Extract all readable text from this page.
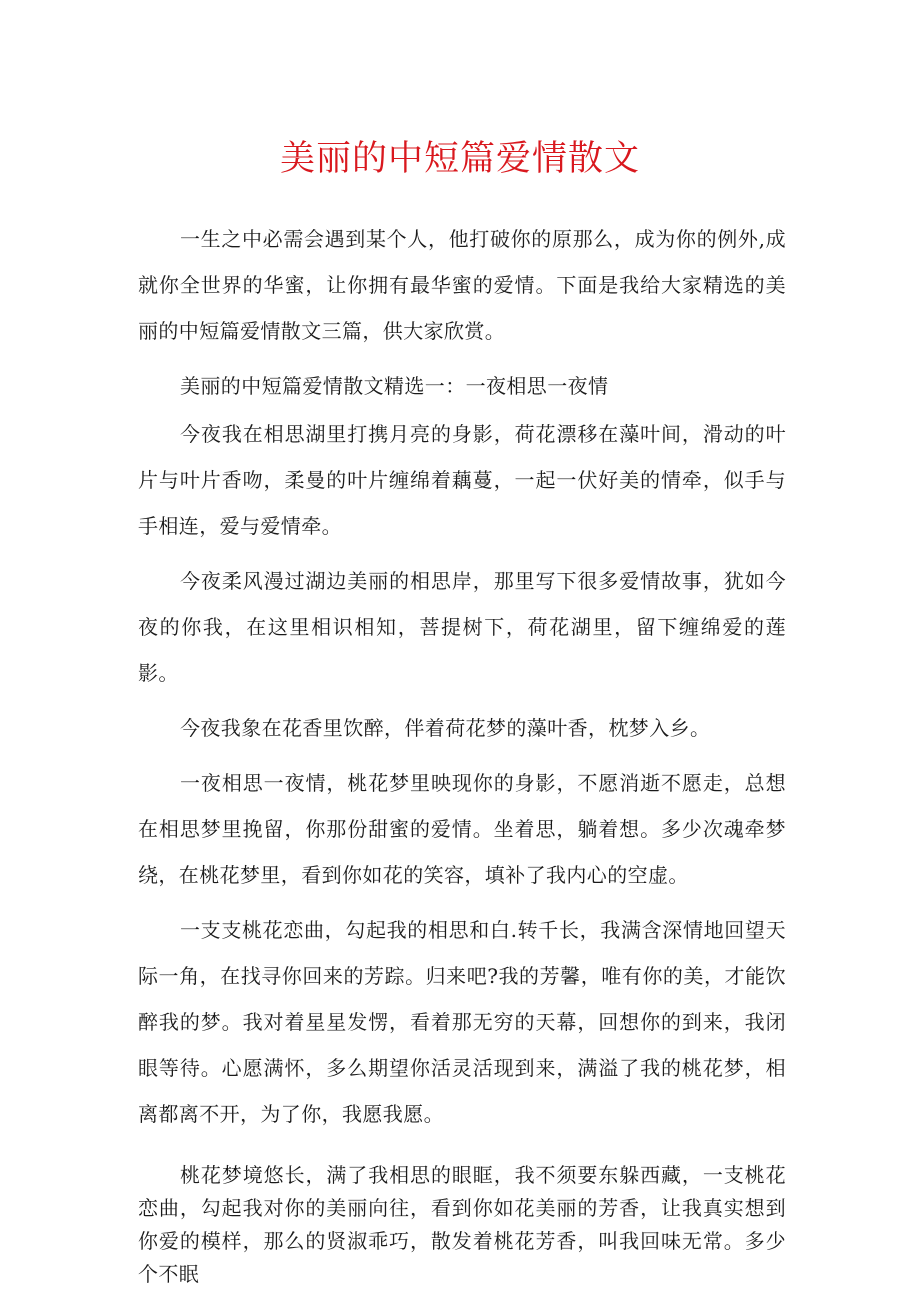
美丽的中短篇爱情散文

一生之中必需会遇到某个人，他打破你的原那么，成为你的例外,成就你全世界的华蜜，让你拥有最华蜜的爱情。下面是我给大家精选的美丽的中短篇爱情散文三篇，供大家欣赏。

美丽的中短篇爱情散文精选一：一夜相思一夜情

今夜我在相思湖里打携月亮的身影，荷花漂移在藻叶间，滑动的叶片与叶片香吻，柔曼的叶片缠绵着藕蔓，一起一伏好美的情牵，似手与手相连，爱与爱情牵。

今夜柔风漫过湖边美丽的相思岸，那里写下很多爱情故事，犹如今夜的你我，在这里相识相知，菩提树下，荷花湖里，留下缠绵爱的莲影。

今夜我象在花香里饮醉，伴着荷花梦的藻叶香，枕梦入乡。

一夜相思一夜情，桃花梦里映现你的身影，不愿消逝不愿走，总想在相思梦里挽留，你那份甜蜜的爱情。坐着思，躺着想。多少次魂牵梦绕，在桃花梦里，看到你如花的笑容，填补了我内心的空虚。

一支支桃花恋曲，勾起我的相思和白.转千长，我满含深情地回望天际一角，在找寻你回来的芳踪。归来吧?我的芳馨，唯有你的美，才能饮醉我的梦。我对着星星发愣，看着那无穷的天幕，回想你的到来，我闭眼等待。心愿满怀，多么期望你活灵活现到来，满溢了我的桃花梦，相离都离不开，为了你，我愿我愿。

桃花梦境悠长，满了我相思的眼眶，我不须要东躲西藏，一支桃花恋曲，勾起我对你的美丽向往，看到你如花美丽的芳香，让我真实想到你爱的模样，那么的贤淑乖巧，散发着桃花芳香，叫我回味无常。多少个不眠
